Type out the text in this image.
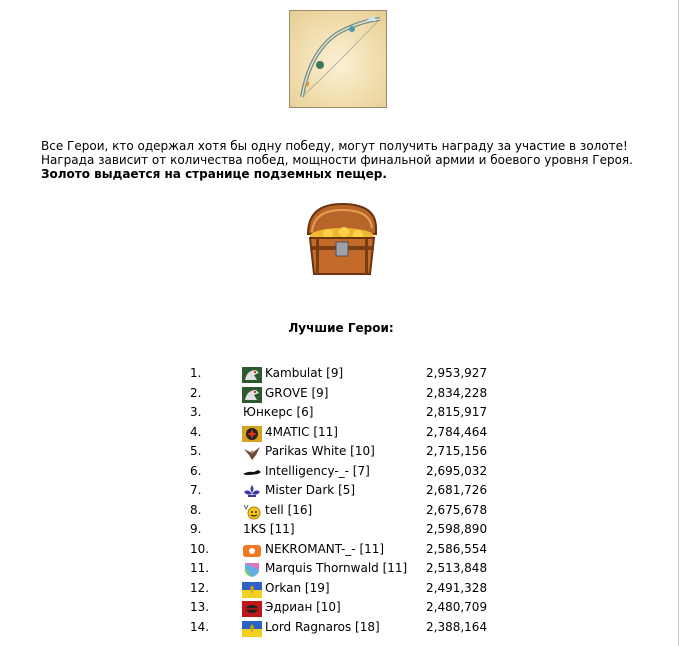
Все Герои, кто одержал хотя бы одну победу, могут получить награду за участие в золоте! Награда зависит от количества побед, мощности финальной армии и боевого уровня Героя. Золото выдается на странице подземных пещер.
Лучшие Герои:
1.	Kambulat [9]	2,953,927
2.	GROVE [9]	2,834,228
3.	Юнкерс [6]	2,815,917
4.	4MATIC [11]	2,784,464
5.	Parikas White [10]	2,715,156
6.	Intelligency-_- [7]	2,695,032
7.	Mister Dark [5]	2,681,726
8.	tell [16]	2,675,678
9.	1KS [11]	2,598,890
10.	NEKROMANT-_- [11]	2,586,554
11.	Marquis Thornwald [11] 2,513,848
12.	Orkan [19]	2,491,328
13.	Эдриан [10]	2,480,709
14.	Lord Ragnaros [18]	2,388,164
